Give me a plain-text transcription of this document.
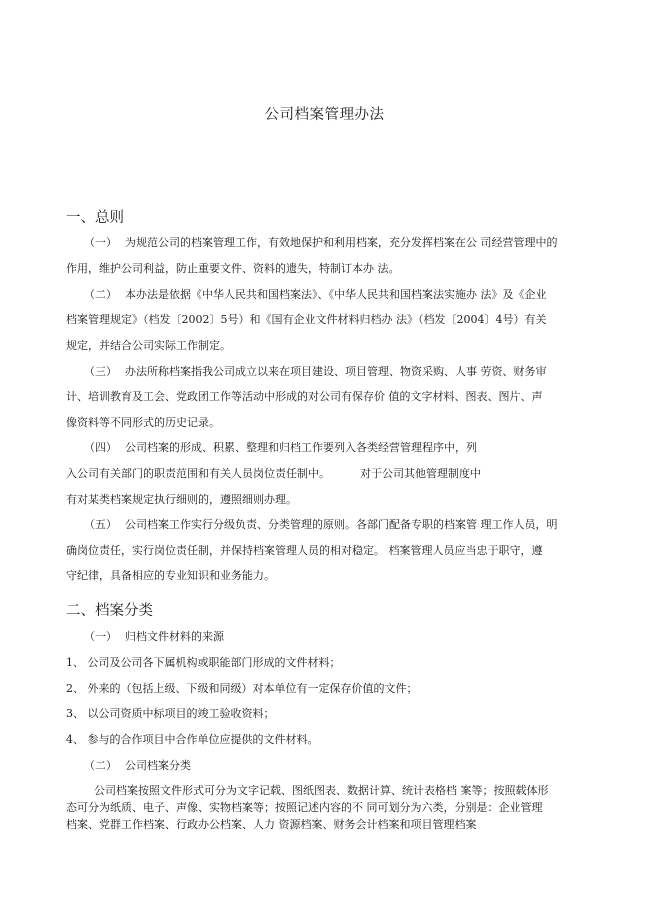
公司档案管理办法
一、总则
（一） 为规范公司的档案管理工作，有效地保护和利用档案，充分发挥档案在公 司经营管理中的
作用，维护公司利益，防止重要文件、资料的遗失，特制订本办 法。
（二） 本办法是依据《中华人民共和国档案法》、《中华人民共和国档案法实施办 法》及《企业
档案管理规定》（档发〔2002〕5号）和《国有企业文件材料归档办 法》（档发〔2004〕4号）有关
规定，并结合公司实际工作制定。
（三） 办法所称档案指我公司成立以来在项目建设、项目管理、物资采购、人事 劳资、财务审
计、培训教育及工会、党政团工作等活动中形成的对公司有保存价 值的文字材料、图表、图片、声
像资料等不同形式的历史记录。
（四） 公司档案的形成、积累、整理和归档工作要列入各类经营管理程序中，列
入公司有关部门的职责范围和有关人员岗位责任制中。	对于公司其他管理制度中
有对某类档案规定执行细则的，遵照细则办理。
（五） 公司档案工作实行分级负责、分类管理的原则。各部门配备专职的档案管 理工作人员，明
确岗位责任，实行岗位责任制，并保持档案管理人员的相对稳定。 档案管理人员应当忠于职守，遵
守纪律，具备相应的专业知识和业务能力。
二、档案分类
（一） 归档文件材料的来源
1、 公司及公司各下属机构或职能部门形成的文件材料；
2、 外来的（包括上级、下级和同级）对本单位有一定保存价值的文件；
3、 以公司资质中标项目的竣工验收资料；
4、 参与的合作项目中合作单位应提供的文件材料。
（二） 公司档案分类
公司档案按照文件形式可分为文字记载、图纸图表、数据计算、统计表格档 案等；按照载体形
态可分为纸质、电子、声像、实物档案等；按照记述内容的不 同可划分为六类，分别是：企业管理
档案、党群工作档案、行政办公档案、人力 资源档案、财务会计档案和项目管理档案
